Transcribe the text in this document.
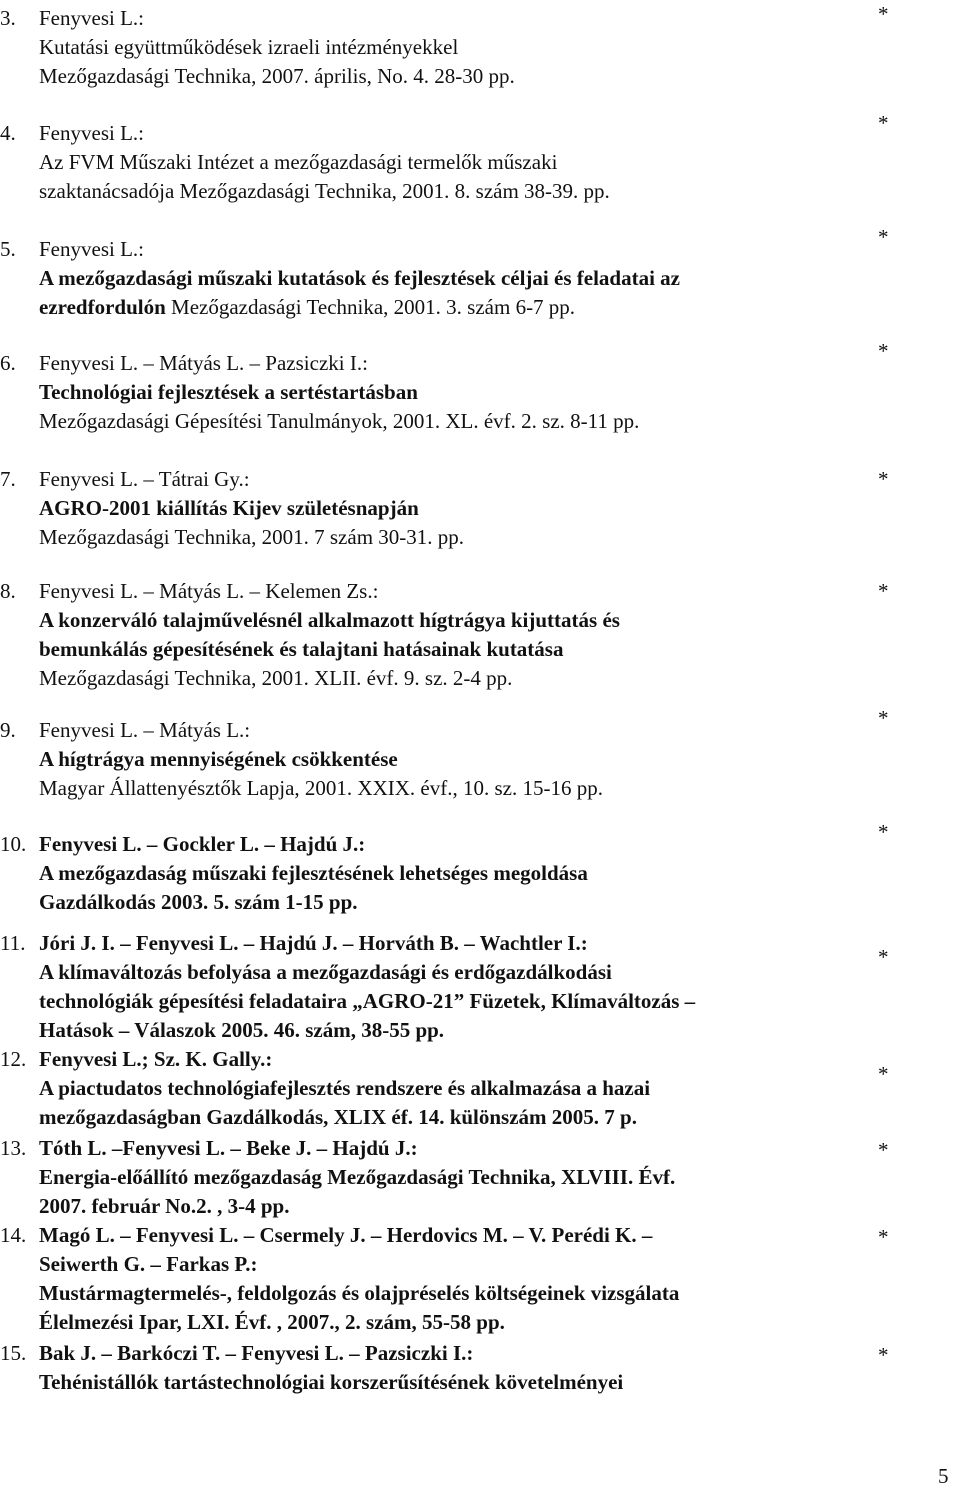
3. Fenyvesi L.:
Kutatási együttműködések izraeli intézményekkel
Mezőgazdasági Technika, 2007. április, No. 4. 28-30 pp.
*
4. Fenyvesi L.:
Az FVM Műszaki Intézet a mezőgazdasági termelők műszaki
szaktanácsadója Mezőgazdasági Technika, 2001. 8. szám 38-39. pp.
*
5. Fenyvesi L.:
A mezőgazdasági műszaki kutatások és fejlesztések céljai és feladatai az
ezredfordulón Mezőgazdasági Technika, 2001. 3. szám 6-7 pp.
*
6. Fenyvesi L. – Mátyás L. – Pazsiczki I.:
Technológiai fejlesztések a sertéstartásban
Mezőgazdasági Gépesítési Tanulmányok, 2001. XL. évf. 2. sz. 8-11 pp.
*
7. Fenyvesi L. – Tátrai Gy.:
AGRO-2001 kiállítás Kijev születésnapján
Mezőgazdasági Technika, 2001. 7 szám 30-31. pp.
*
8. Fenyvesi L. – Mátyás L. – Kelemen Zs.:
A konzerváló talajművelésnél alkalmazott hígtrágya kijuttatás és
bemunkálás gépesítésének és talajtani hatásainak kutatása
Mezőgazdasági Technika, 2001. XLII. évf. 9. sz. 2-4 pp.
*
9. Fenyvesi L. – Mátyás L.:
A hígtrágya mennyiségének csökkentése
Magyar Állattenyésztők Lapja, 2001. XXIX. évf., 10. sz. 15-16 pp.
*
10. Fenyvesi L. – Gockler L. – Hajdú J.:
A mezőgazdaság műszaki fejlesztésének lehetséges megoldása
Gazdálkodás 2003. 5. szám 1-15 pp.
*
11. Jóri J. I. – Fenyvesi L. – Hajdú J. – Horváth B. – Wachtler I.:
A klímaváltozás befolyása a mezőgazdasági és erdőgazdálkodási
technológiák gépesítési feladataira „AGRO-21” Füzetek, Klímaváltozás –
Hatások – Válaszok 2005. 46. szám, 38-55 pp.
*
12. Fenyvesi L.; Sz. K. Gally.:
A piactudatos technológiafejlesztés rendszere és alkalmazása a hazai
mezőgazdaságban Gazdálkodás, XLIX éf. 14. különszám 2005. 7 p.
*
13. Tóth L. –Fenyvesi L. – Beke J. – Hajdú J.:
Energia-előállító mezőgazdaság Mezőgazdasági Technika, XLVIII. Évf.
2007. február No.2. , 3-4 pp.
*
14. Magó L. – Fenyvesi L. – Csermely J. – Herdovics M. – V. Perédi K. –
Seiwerth G. – Farkas P.:
Mustármagtermelés-, feldolgozás és olajpréselés költségeinek vizsgálata
Élelmezési Ipar, LXI. Évf. , 2007., 2. szám, 55-58 pp.
*
15. Bak J. – Barkóczi T. – Fenyvesi L. – Pazsiczki I.:
Tehénistállók tartástechnológiai korszerűsítésének követelményei
*
5
